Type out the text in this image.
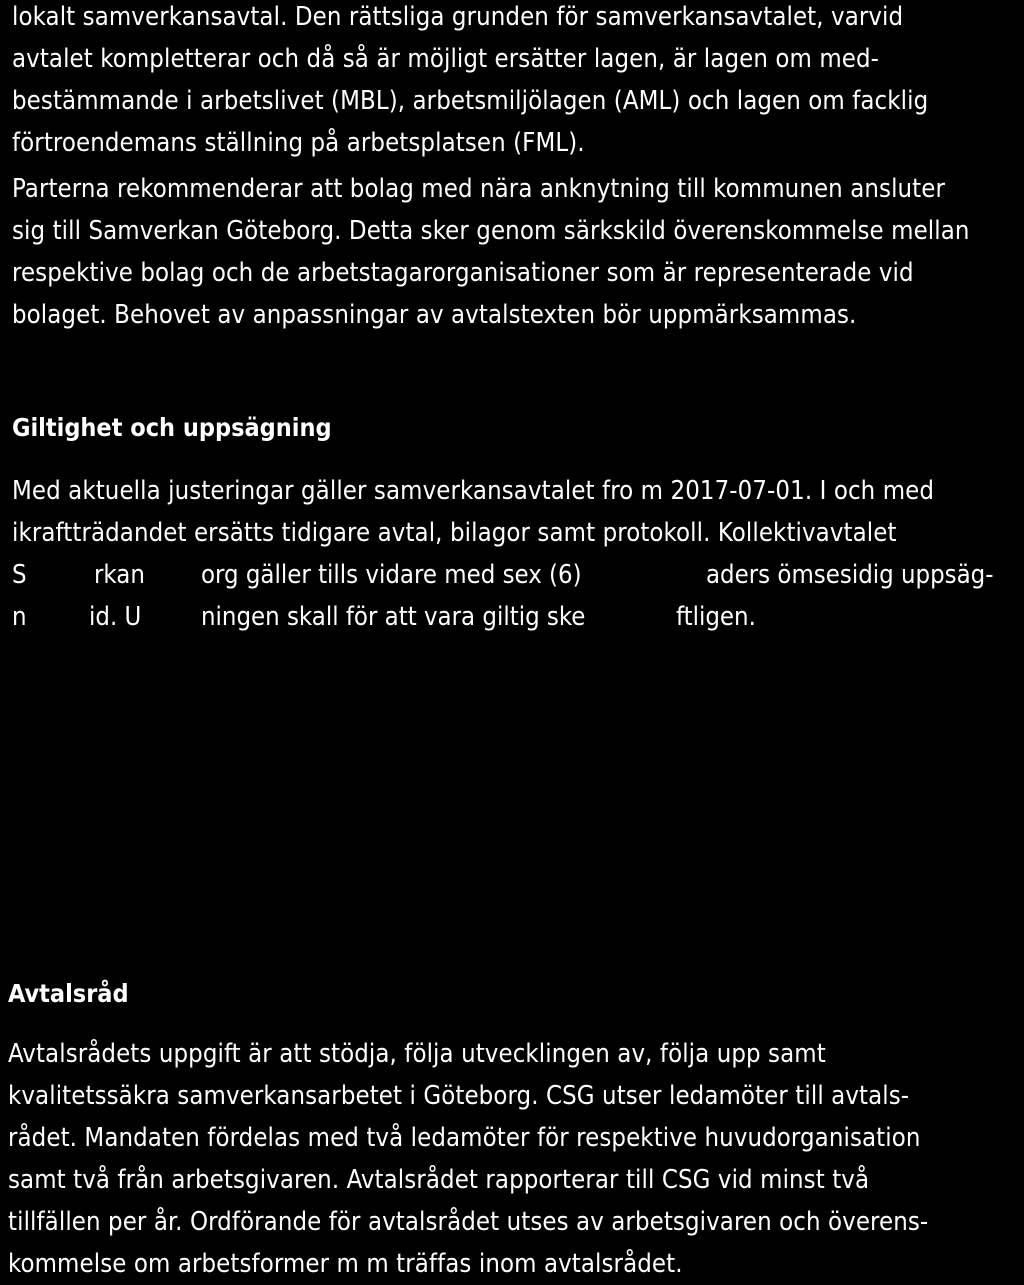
lokalt samverkansavtal. Den rättsliga grunden för samverkansavtalet, varvid
avtalet kompletterar och då så är möjligt ersätter lagen, är lagen om med-
bestämmande i arbetslivet (MBL), arbetsmiljölagen (AML) och lagen om facklig
förtroendemans ställning på arbetsplatsen (FML).
Parterna rekommenderar att bolag med nära anknytning till kommunen ansluter
sig till Samverkan Göteborg. Detta sker genom särkskild överenskommelse mellan
respektive bolag och de arbetstagarorganisationer som är representerade vid
bolaget. Behovet av anpassningar av avtalstexten bör uppmärksammas.
Giltighet och uppsägning
Med aktuella justeringar gäller samverkansavtalet fro m 2017-07-01. I och med
ikraftträdandet ersätts tidigare avtal, bilagor samt protokoll. Kollektivavtalet
S	rkan org gäller tills vidare med sex (6)	aders ömsesidig uppsäg-
n id. U ningen skall för att vara giltig ske	ftligen.
Avtalsråd
Avtalsrådets uppgift är att stödja, följa utvecklingen av, följa upp samt
kvalitetssäkra samverkansarbetet i Göteborg. CSG utser ledamöter till avtals-
rådet. Mandaten fördelas med två ledamöter för respektive huvudorganisation
samt två från arbetsgivaren. Avtalsrådet rapporterar till CSG vid minst två
tillfällen per år. Ordförande för avtalsrådet utses av arbetsgivaren och överens-
kommelse om arbetsformer m m träffas inom avtalsrådet.
